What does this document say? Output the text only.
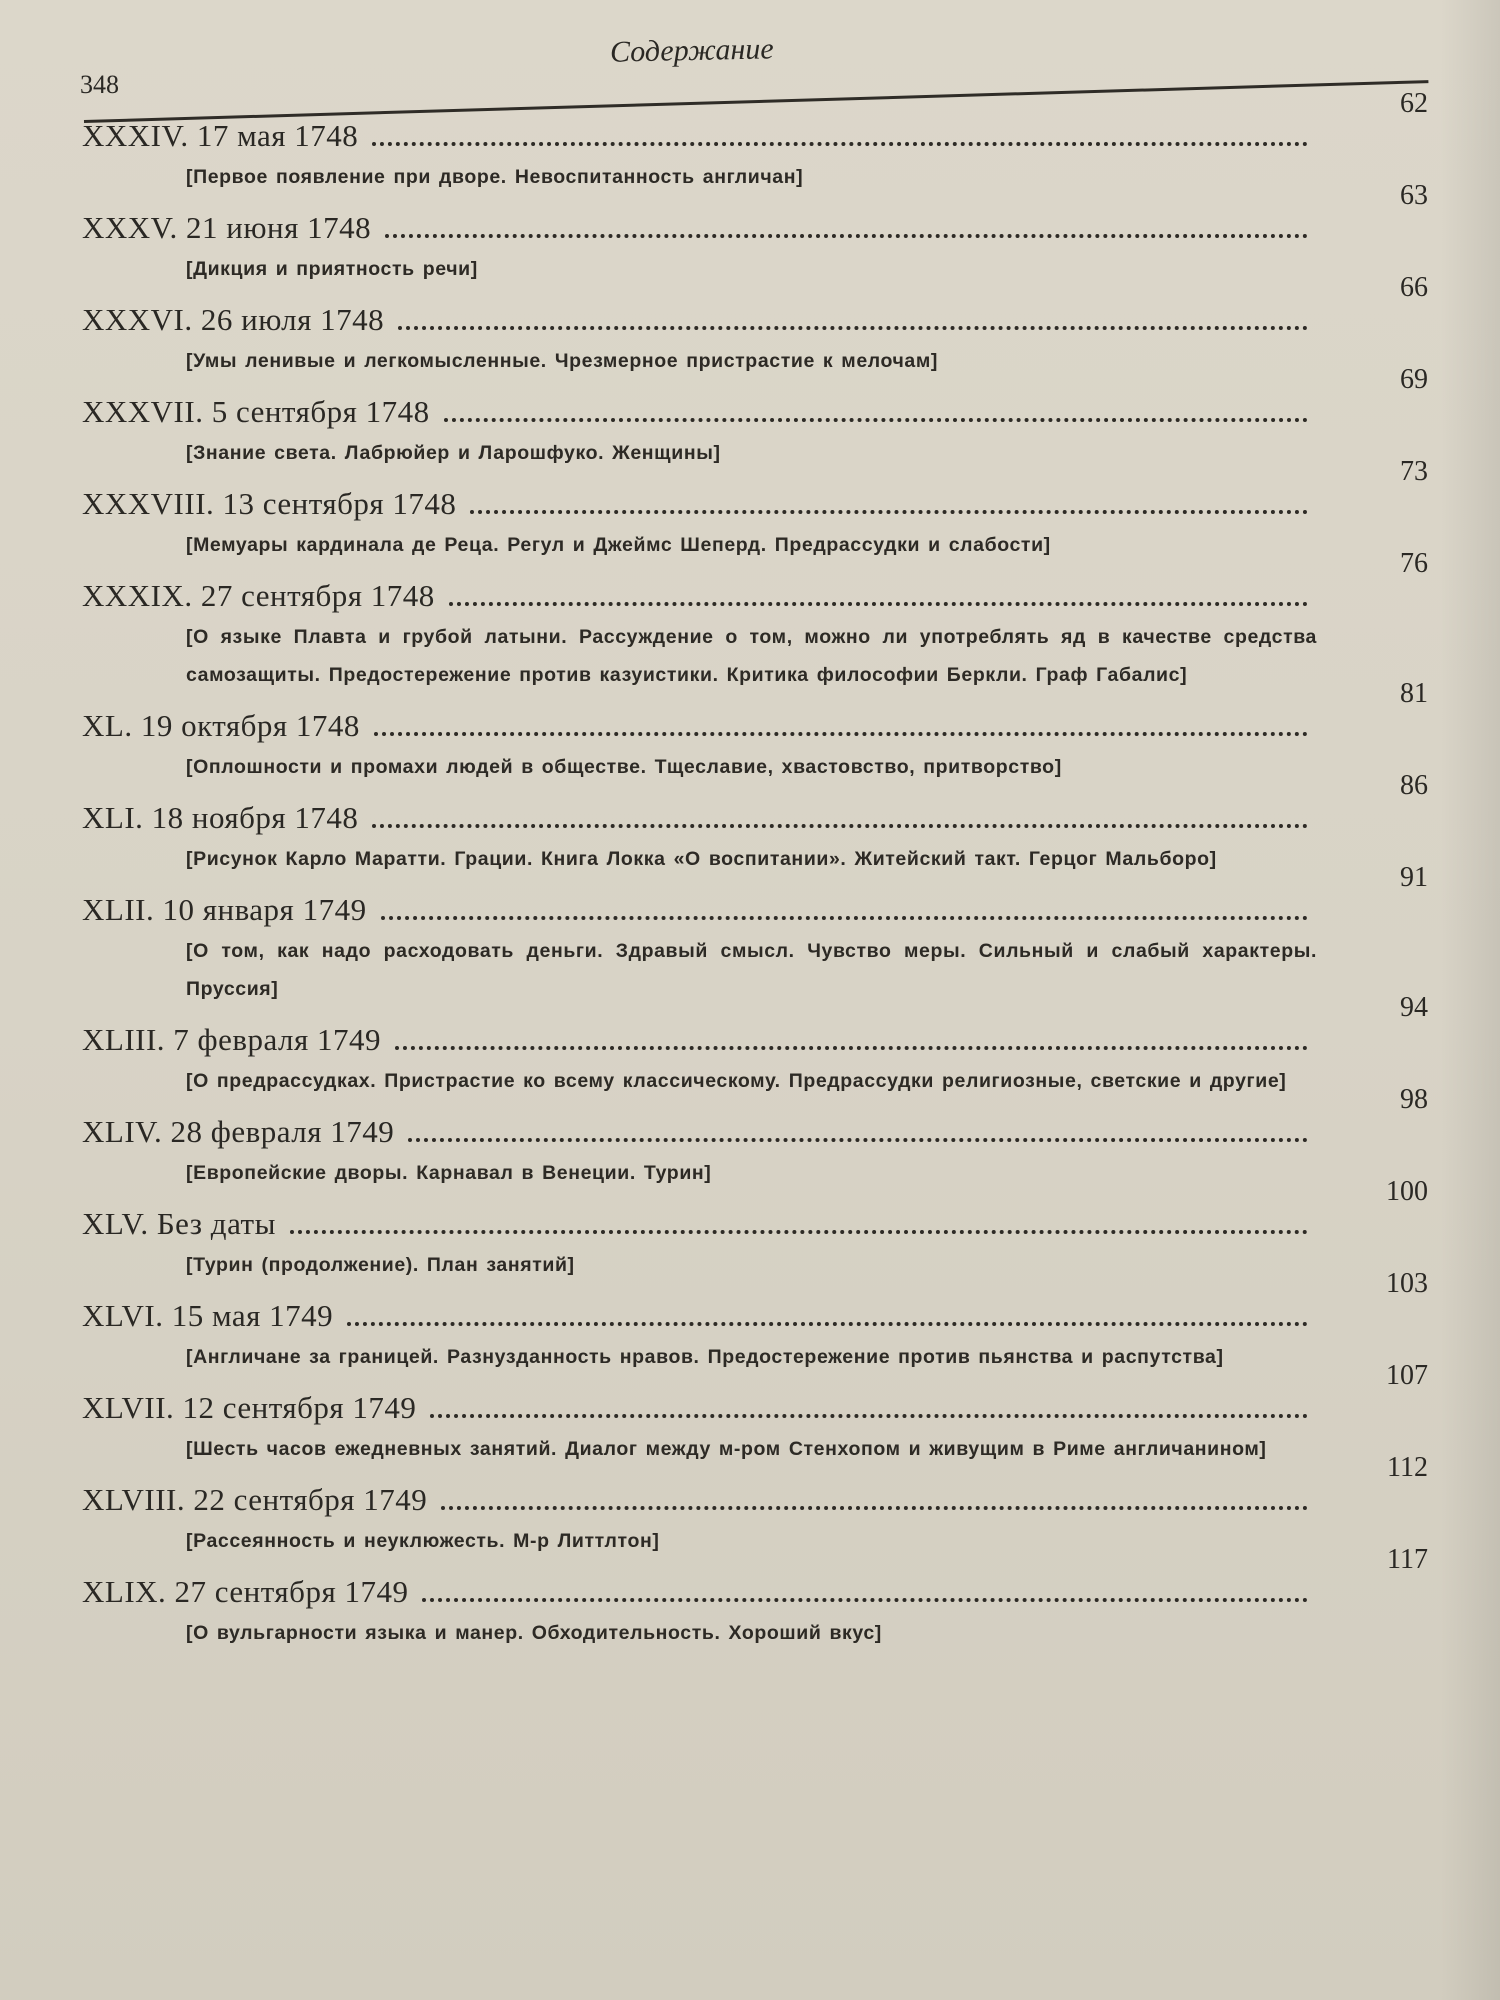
348
Содержание
XXXIV. 17 мая 1748
62
[Первое появление при дворе. Невоспитанность англичан]
XXXV. 21 июня 1748
63
[Дикция и приятность речи]
XXXVI. 26 июля 1748
66
[Умы ленивые и легкомысленные. Чрезмерное пристрастие к мелочам]
XXXVII. 5 сентября 1748
69
[Знание света. Лабрюйер и Ларошфуко. Женщины]
XXXVIII. 13 сентября 1748
73
[Мемуары кардинала де Реца. Регул и Джеймс Шеперд. Предрассудки и слабости]
XXXIX. 27 сентября 1748
76
[О языке Плавта и грубой латыни. Рассуждение о том, можно ли употреблять яд в качестве средства самозащиты. Предостережение против казуистики. Критика философии Беркли. Граф Габалис]
XL. 19 октября 1748
81
[Оплошности и промахи людей в обществе. Тщеславие, хвастовство, притворство]
XLI. 18 ноября 1748
86
[Рисунок Карло Маратти. Грации. Книга Локка «О воспитании». Житейский такт. Герцог Мальборо]
XLII. 10 января 1749
91
[О том, как надо расходовать деньги. Здравый смысл. Чувство меры. Сильный и слабый характеры. Пруссия]
XLIII. 7 февраля 1749
94
[О предрассудках. Пристрастие ко всему классическому. Предрассудки религиозные, светские и другие]
XLIV. 28 февраля 1749
98
[Европейские дворы. Карнавал в Венеции. Турин]
XLV. Без даты
100
[Турин (продолжение). План занятий]
XLVI. 15 мая 1749
103
[Англичане за границей. Разнузданность нравов. Предостережение против пьянства и распутства]
XLVII. 12 сентября 1749
107
[Шесть часов ежедневных занятий. Диалог между м-ром Стенхопом и живущим в Риме англичанином]
XLVIII. 22 сентября 1749
112
[Рассеянность и неуклюжесть. М-р Литтлтон]
XLIX. 27 сентября 1749
117
[О вульгарности языка и манер. Обходительность. Хороший вкус]
